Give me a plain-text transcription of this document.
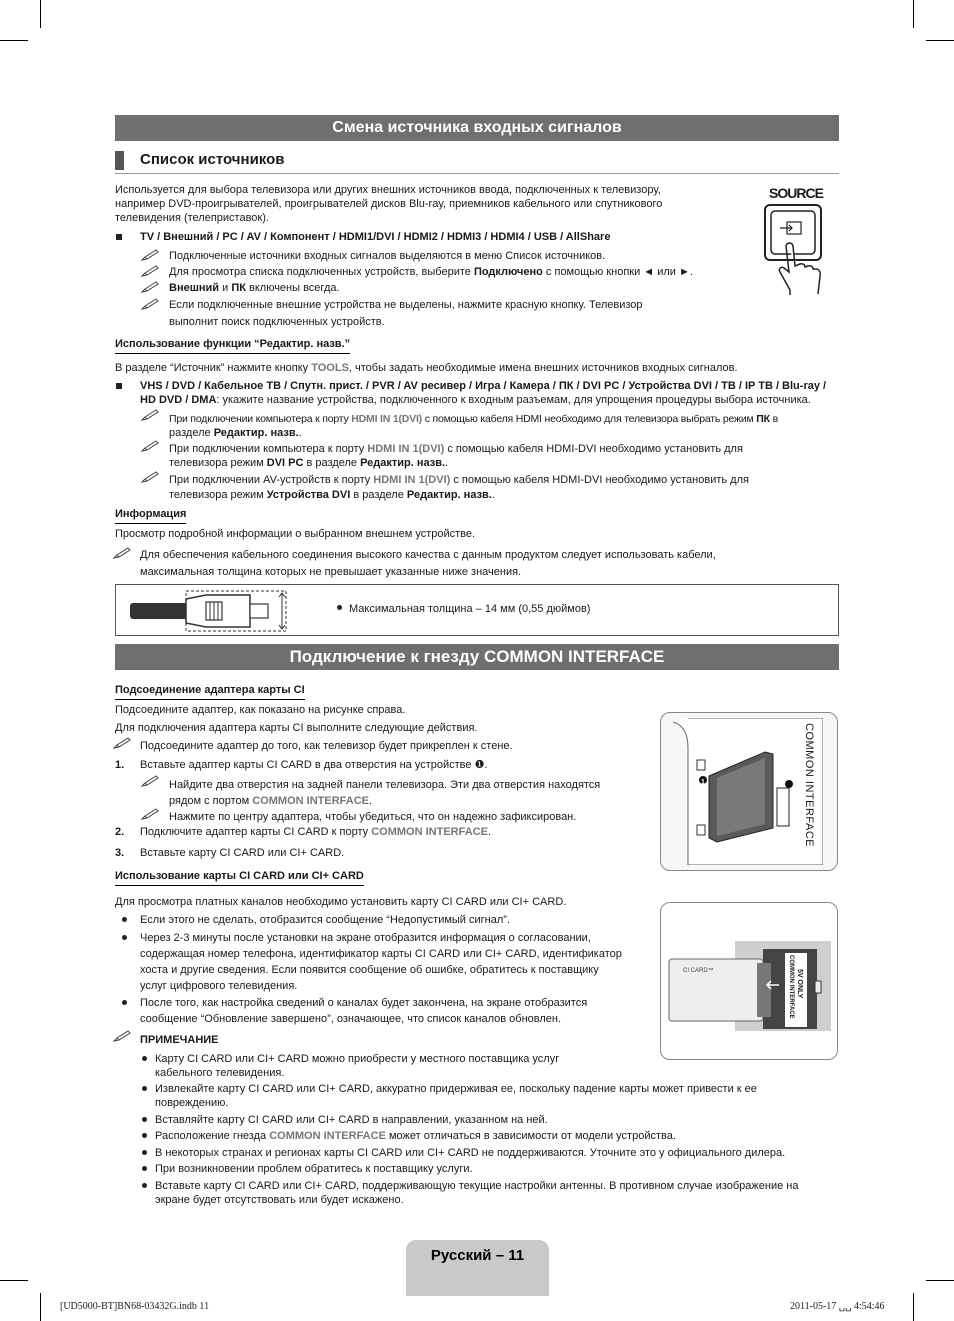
Смена источника входных сигналов
Список источников
Используется для выбора телевизора или других внешних источников ввода, подключенных к телевизору,
например DVD-проигрывателей, проигрывателей дисков Blu-ray, приемников кабельного или спутникового
телевидения (телеприставок).
TV / Внешний / PC / AV / Компонент / HDMI1/DVI / HDMI2 / HDMI3 / HDMI4 / USB / AllShare
Подключенные источники входных сигналов выделяются в меню Список источников.
Для просмотра списка подключенных устройств, выберите Подключено с помощью кнопки ◄ или ►.
Внешний и ПК включены всегда.
Если подключенные внешние устройства не выделены, нажмите красную кнопку. Телевизор
выполнит поиск подключенных устройств.
SOURCE
Использование функции “Редактир. назв.”
В разделе “Источник” нажмите кнопку TOOLS, чтобы задать необходимые имена внешних источников входных сигналов.
VHS / DVD / Кабельное ТВ / Спутн. прист. / PVR / AV ресивер / Игра / Камера / ПК / DVI PC / Устройства DVI / TB / IP TB / Blu-ray /
HD DVD / DMA: укажите название устройства, подключенного к входным разъемам, для упрощения процедуры выбора источника.
При подключении компьютера к порту HDMI IN 1(DVI) с помощью кабеля HDMI необходимо для телевизора выбрать режим ПК в
разделе Редактир. назв..
При подключении компьютера к порту HDMI IN 1(DVI) с помощью кабеля HDMI-DVI необходимо установить для
телевизора режим DVI PC в разделе Редактир. назв..
При подключении AV-устройств к порту HDMI IN 1(DVI) с помощью кабеля HDMI-DVI необходимо установить для
телевизора режим Устройства DVI в разделе Редактир. назв..
Информация
Просмотр подробной информации о выбранном внешнем устройстве.
Для обеспечения кабельного соединения высокого качества с данным продуктом следует использовать кабели,
максимальная толщина которых не превышает указанные ниже значения.
Максимальная толщина – 14 мм (0,55 дюймов)
Подключение к гнезду COMMON INTERFACE
Подсоединение адаптера карты CI
Подсоедините адаптер, как показано на рисунке справа.
Для подключения адаптера карты CI выполните следующие действия.
Подсоедините адаптер до того, как телевизор будет прикреплен к стене.
1. Вставьте адаптер карты CI CARD в два отверстия на устройстве ❶.
Найдите два отверстия на задней панели телевизора. Эти два отверстия находятся
рядом с портом COMMON INTERFACE.
Нажмите по центру адаптера, чтобы убедиться, что он надежно зафиксирован.
2. Подключите адаптер карты CI CARD к порту COMMON INTERFACE.
3. Вставьте карту CI CARD или CI+ CARD.
COMMON INTERFACE
1
2
Использование карты CI CARD или CI+ CARD
Для просмотра платных каналов необходимо установить карту CI CARD или CI+ CARD.
Если этого не сделать, отобразится сообщение “Недопустимый сигнал”.
Через 2-3 минуты после установки на экране отобразится информация о согласовании,
содержащая номер телефона, идентификатор карты CI CARD или CI+ CARD, идентификатор
хоста и другие сведения. Если появится сообщение об ошибке, обратитесь к поставщику
услуг цифрового телевидения.
После того, как настройка сведений о каналах будет закончена, на экране отобразится
сообщение “Обновление завершено”, означающее, что список каналов обновлен.
CI CARD™	COMMON INTERFACE 5V ONLY
ПРИМЕЧАНИЕ
Карту CI CARD или CI+ CARD можно приобрести у местного поставщика услуг
кабельного телевидения.
Извлекайте карту CI CARD или CI+ CARD, аккуратно придерживая ее, поскольку падение карты может привести к ее
повреждению.
Вставляйте карту CI CARD или CI+ CARD в направлении, указанном на ней.
Расположение гнезда COMMON INTERFACE может отличаться в зависимости от модели устройства.
В некоторых странах и регионах карты CI CARD или CI+ CARD не поддерживаются. Уточните это у официального дилера.
При возникновении проблем обратитесь к поставщику услуги.
Вставьте карту CI CARD или CI+ CARD, поддерживающую текущие настройки антенны. В противном случае изображение на
экране будет отсутствовать или будет искажено.
Русский – 11
[UD5000-BT]BN68-03432G.indb 11	2011-05-17 ␣␣ 4:54:46
